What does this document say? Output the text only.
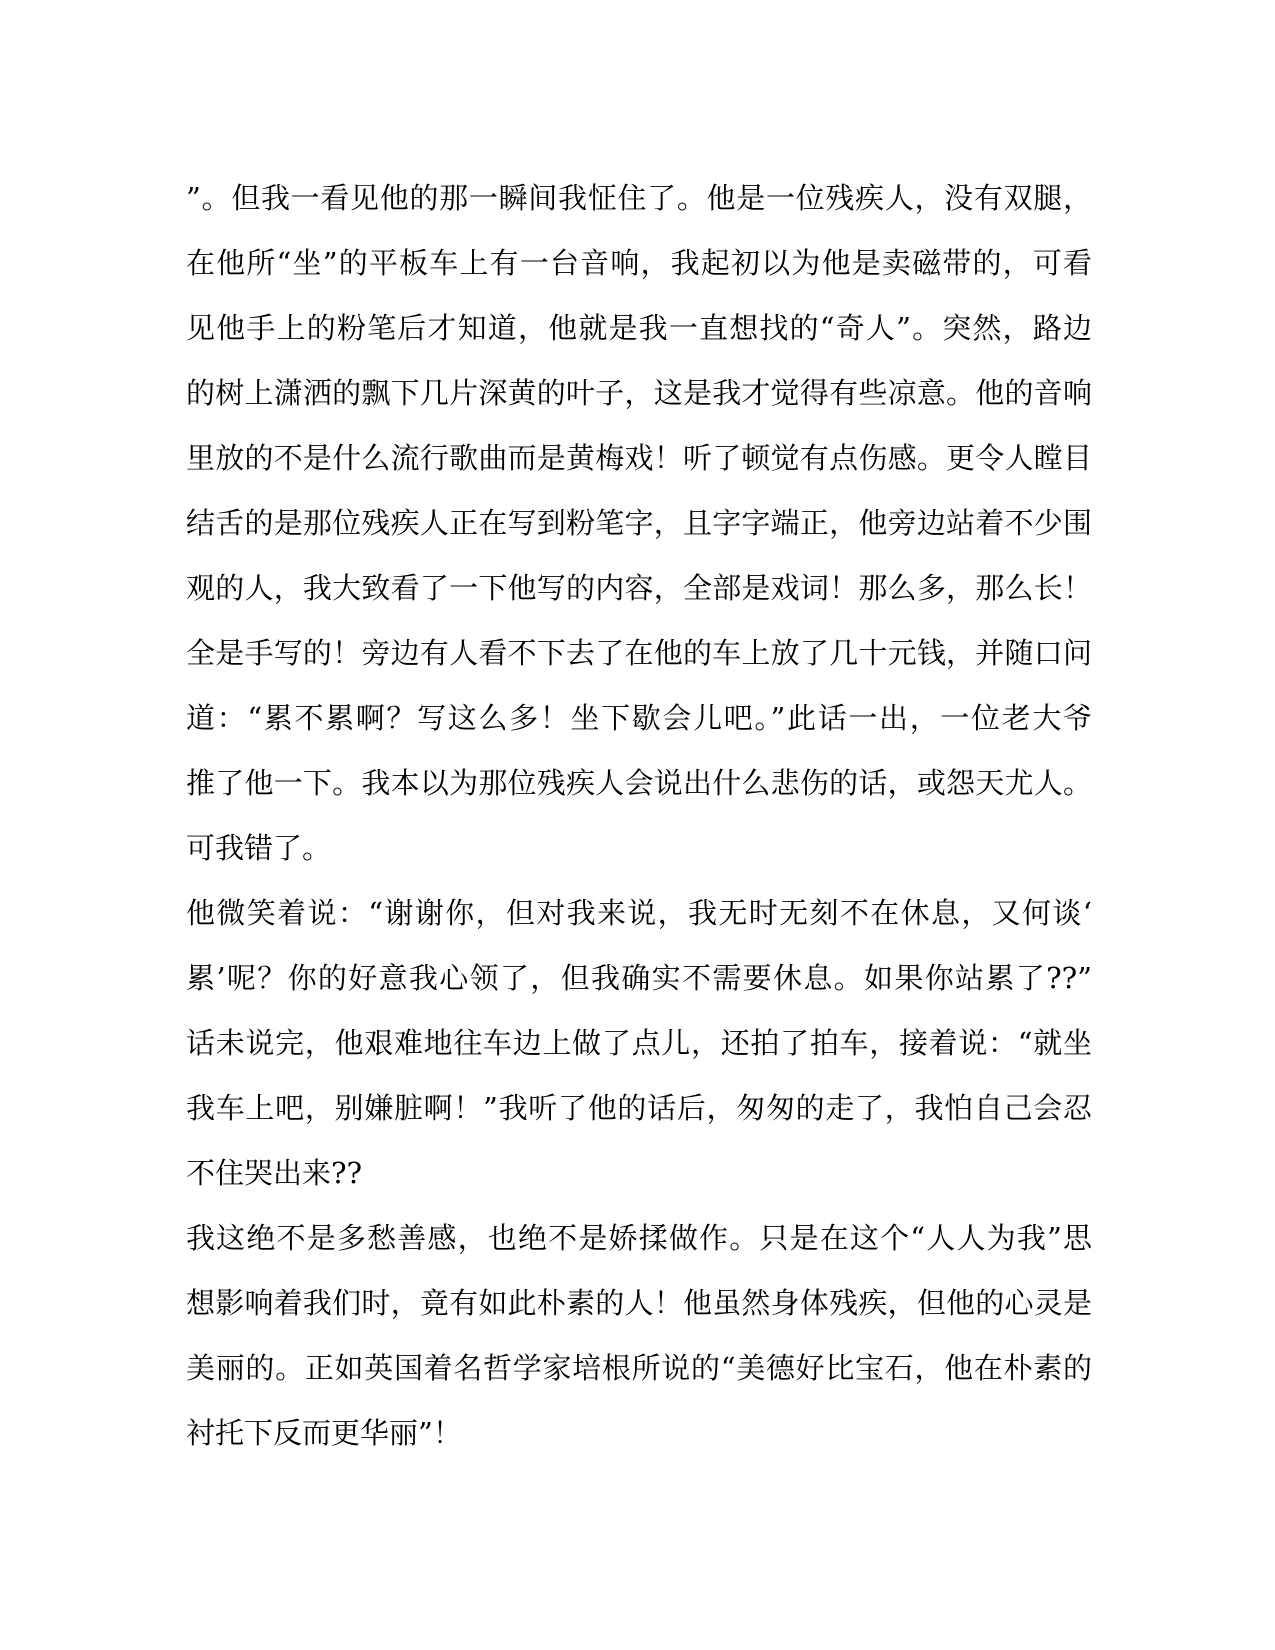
”。但我一看见他的那一瞬间我怔住了。他是一位残疾人，没有双腿，
在他所“坐”的平板车上有一台音响，我起初以为他是卖磁带的，可看
见他手上的粉笔后才知道，他就是我一直想找的“奇人”。突然，路边
的树上潇洒的飘下几片深黄的叶子，这是我才觉得有些凉意。他的音响
里放的不是什么流行歌曲而是黄梅戏！听了顿觉有点伤感。更令人瞠目
结舌的是那位残疾人正在写到粉笔字，且字字端正，他旁边站着不少围
观的人，我大致看了一下他写的内容，全部是戏词！那么多，那么长！
全是手写的！旁边有人看不下去了在他的车上放了几十元钱，并随口问
道：“累不累啊？写这么多！坐下歇会儿吧。”此话一出，一位老大爷
推了他一下。我本以为那位残疾人会说出什么悲伤的话，或怨天尤人。
可我错了。
他微笑着说：“谢谢你，但对我来说，我无时无刻不在休息，又何谈‘
累’呢？你的好意我心领了，但我确实不需要休息。如果你站累了??”
话未说完，他艰难地往车边上做了点儿，还拍了拍车，接着说：“就坐
我车上吧，别嫌脏啊！”我听了他的话后，匆匆的走了，我怕自己会忍
不住哭出来??
我这绝不是多愁善感，也绝不是娇揉做作。只是在这个“人人为我”思
想影响着我们时，竟有如此朴素的人！他虽然身体残疾，但他的心灵是
美丽的。正如英国着名哲学家培根所说的“美德好比宝石，他在朴素的
衬托下反而更华丽”！
